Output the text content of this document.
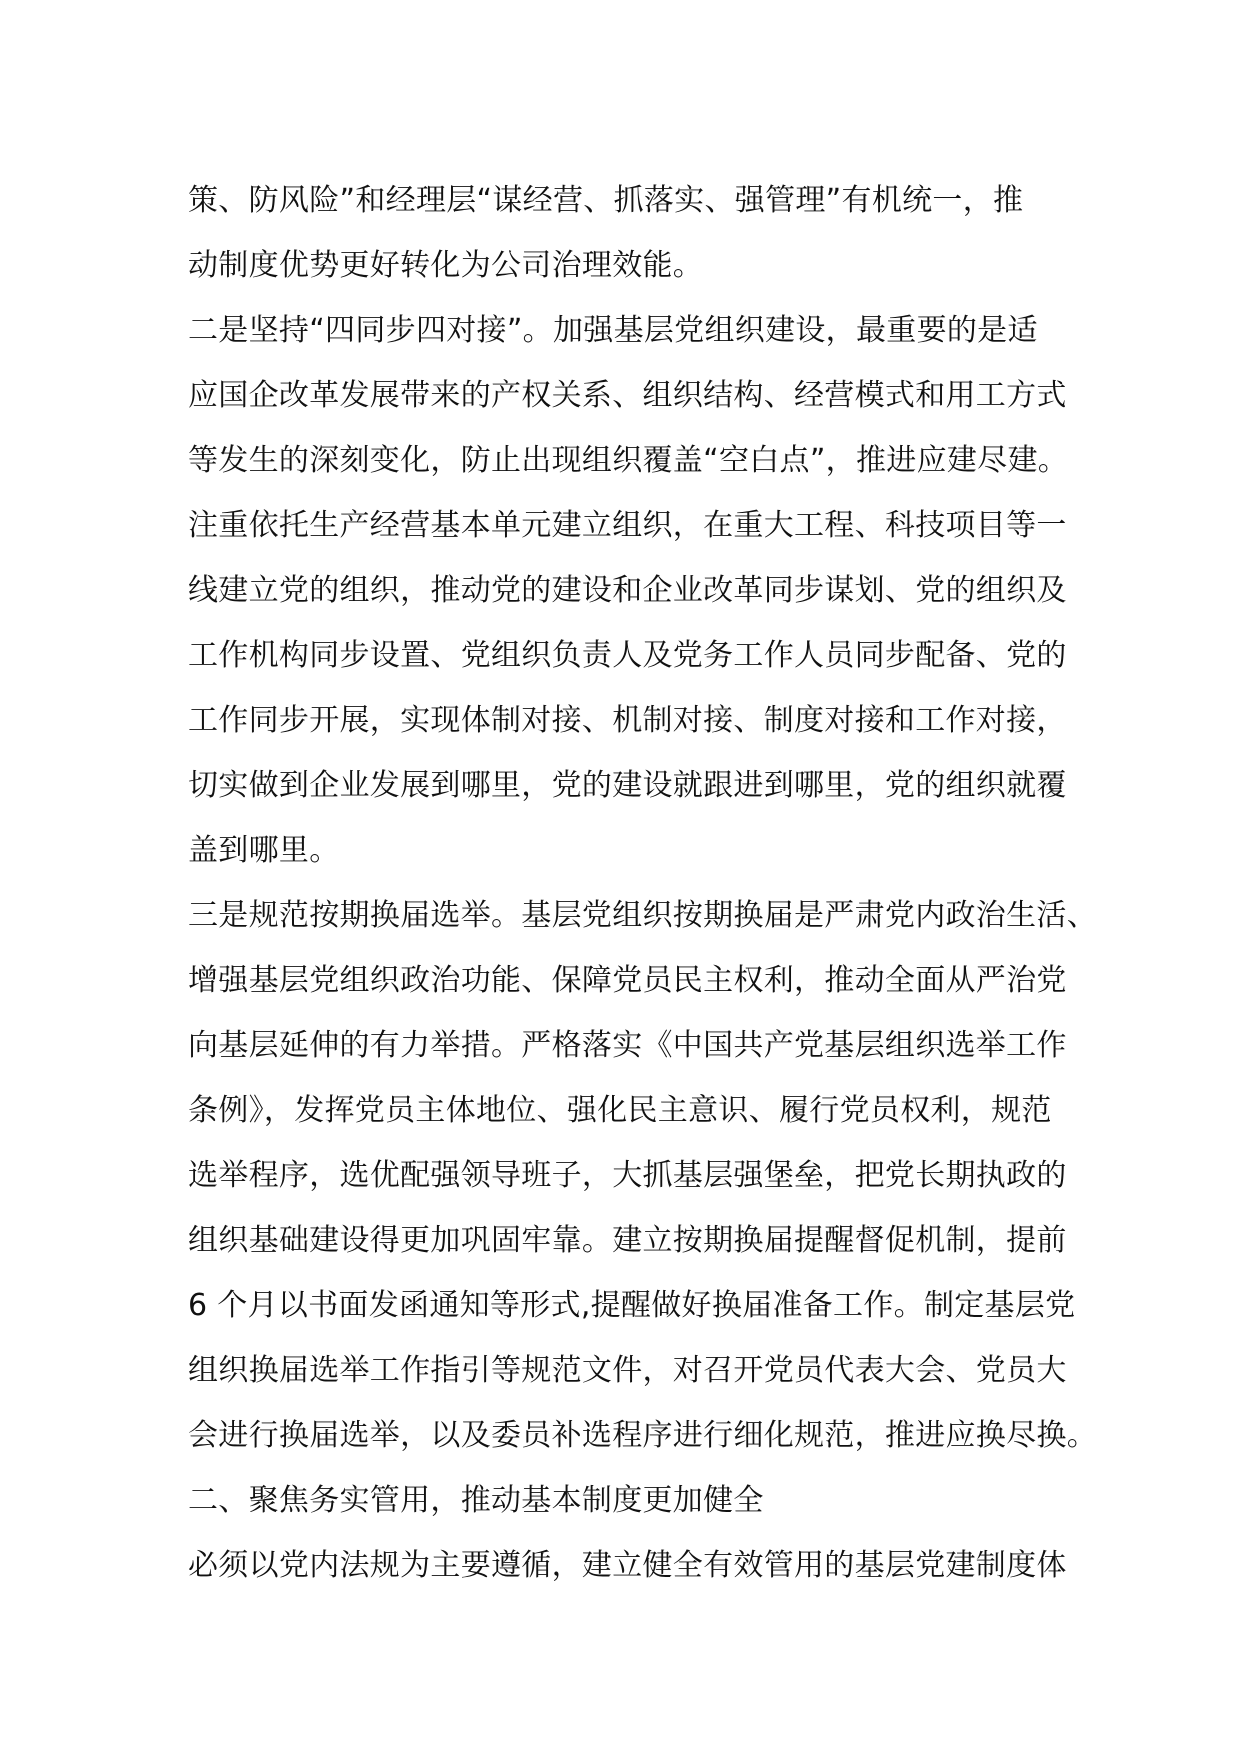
策、防风险”和经理层“谋经营、抓落实、强管理”有机统一，推
动制度优势更好转化为公司治理效能。
二是坚持“四同步四对接”。加强基层党组织建设，最重要的是适
应国企改革发展带来的产权关系、组织结构、经营模式和用工方式
等发生的深刻变化，防止出现组织覆盖“空白点”，推进应建尽建。
注重依托生产经营基本单元建立组织，在重大工程、科技项目等一
线建立党的组织，推动党的建设和企业改革同步谋划、党的组织及
工作机构同步设置、党组织负责人及党务工作人员同步配备、党的
工作同步开展，实现体制对接、机制对接、制度对接和工作对接，
切实做到企业发展到哪里，党的建设就跟进到哪里，党的组织就覆
盖到哪里。
三是规范按期换届选举。基层党组织按期换届是严肃党内政治生活、
增强基层党组织政治功能、保障党员民主权利，推动全面从严治党
向基层延伸的有力举措。严格落实《中国共产党基层组织选举工作
条例》，发挥党员主体地位、强化民主意识、履行党员权利，规范
选举程序，选优配强领导班子，大抓基层强堡垒，把党长期执政的
组织基础建设得更加巩固牢靠。建立按期换届提醒督促机制，提前
6 个月以书面发函通知等形式,提醒做好换届准备工作。制定基层党
组织换届选举工作指引等规范文件，对召开党员代表大会、党员大
会进行换届选举，以及委员补选程序进行细化规范，推进应换尽换。
二、聚焦务实管用，推动基本制度更加健全
必须以党内法规为主要遵循，建立健全有效管用的基层党建制度体
